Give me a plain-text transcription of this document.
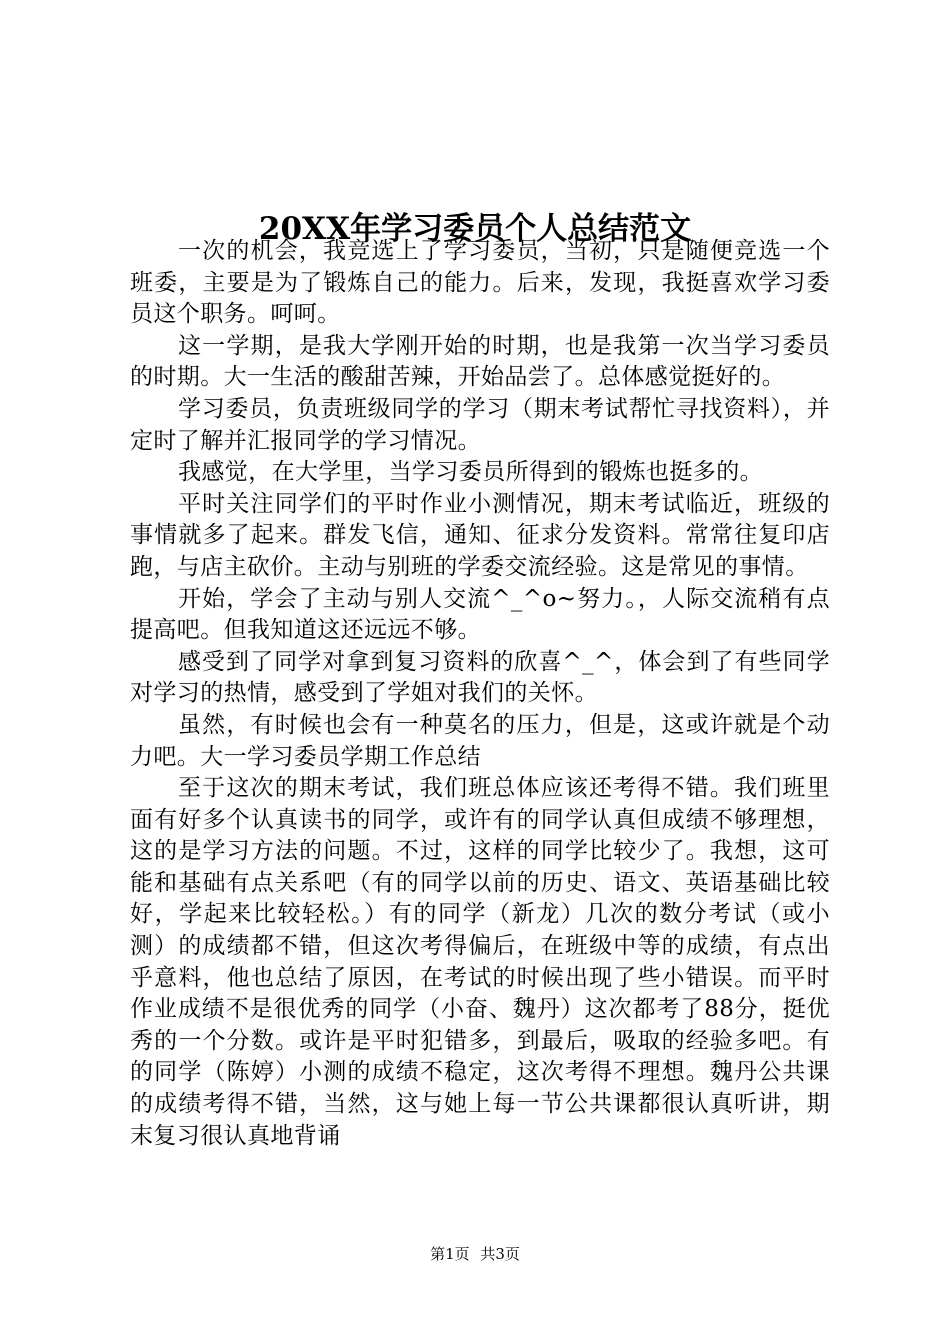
20XX年学习委员个人总结范文

一次的机会，我竞选上了学习委员，当初，只是随便竞选一个班委，主要是为了锻炼自己的能力。后来，发现，我挺喜欢学习委员这个职务。呵呵。

这一学期，是我大学刚开始的时期，也是我第一次当学习委员的时期。大一生活的酸甜苦辣，开始品尝了。总体感觉挺好的。

学习委员，负责班级同学的学习（期末考试帮忙寻找资料），并定时了解并汇报同学的学习情况。

我感觉，在大学里，当学习委员所得到的锻炼也挺多的。

平时关注同学们的平时作业小测情况，期末考试临近，班级的事情就多了起来。群发飞信，通知、征求分发资料。常常往复印店跑，与店主砍价。主动与别班的学委交流经验。这是常见的事情。

开始，学会了主动与别人交流^_^o~努力。，人际交流稍有点提高吧。但我知道这还远远不够。

感受到了同学对拿到复习资料的欣喜^_^，体会到了有些同学对学习的热情，感受到了学姐对我们的关怀。

虽然，有时候也会有一种莫名的压力，但是，这或许就是个动力吧。大一学习委员学期工作总结

至于这次的期末考试，我们班总体应该还考得不错。我们班里面有好多个认真读书的同学，或许有的同学认真但成绩不够理想，这的是学习方法的问题。不过，这样的同学比较少了。我想，这可能和基础有点关系吧（有的同学以前的历史、语文、英语基础比较好，学起来比较轻松。）有的同学（新龙）几次的数分考试（或小测）的成绩都不错，但这次考得偏后，在班级中等的成绩，有点出乎意料，他也总结了原因，在考试的时候出现了些小错误。而平时作业成绩不是很优秀的同学（小奋、魏丹）这次都考了88分，挺优秀的一个分数。或许是平时犯错多，到最后，吸取的经验多吧。有的同学（陈婷）小测的成绩不稳定，这次考得不理想。魏丹公共课的成绩考得不错，当然，这与她上每一节公共课都很认真听讲，期末复习很认真地背诵

第1页 共3页
